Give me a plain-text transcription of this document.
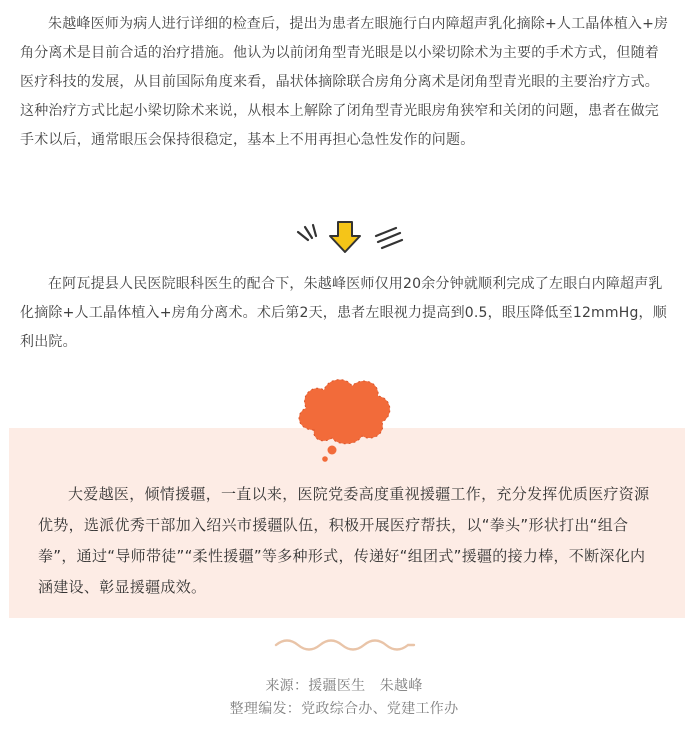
朱越峰医师为病人进行详细的检查后，提出为患者左眼施行白内障超声乳化摘除+人工晶体植入+房角分离术是目前合适的治疗措施。他认为以前闭角型青光眼是以小梁切除术为主要的手术方式，但随着医疗科技的发展，从目前国际角度来看，晶状体摘除联合房角分离术是闭角型青光眼的主要治疗方式。这种治疗方式比起小梁切除术来说，从根本上解除了闭角型青光眼房角狭窄和关闭的问题，患者在做完手术以后，通常眼压会保持很稳定，基本上不用再担心急性发作的问题。

在阿瓦提县人民医院眼科医生的配合下，朱越峰医师仅用20余分钟就顺利完成了左眼白内障超声乳化摘除+人工晶体植入+房角分离术。术后第2天，患者左眼视力提高到0.5，眼压降低至12mmHg，顺利出院。

大爱越医，倾情援疆，一直以来，医院党委高度重视援疆工作，充分发挥优质医疗资源优势，选派优秀干部加入绍兴市援疆队伍，积极开展医疗帮扶，以“拳头”形状打出“组合拳”，通过“导师带徒”“柔性援疆”等多种形式，传递好“组团式”援疆的接力棒，不断深化内涵建设、彰显援疆成效。

来源：援疆医生　朱越峰
整理编发：党政综合办、党建工作办
